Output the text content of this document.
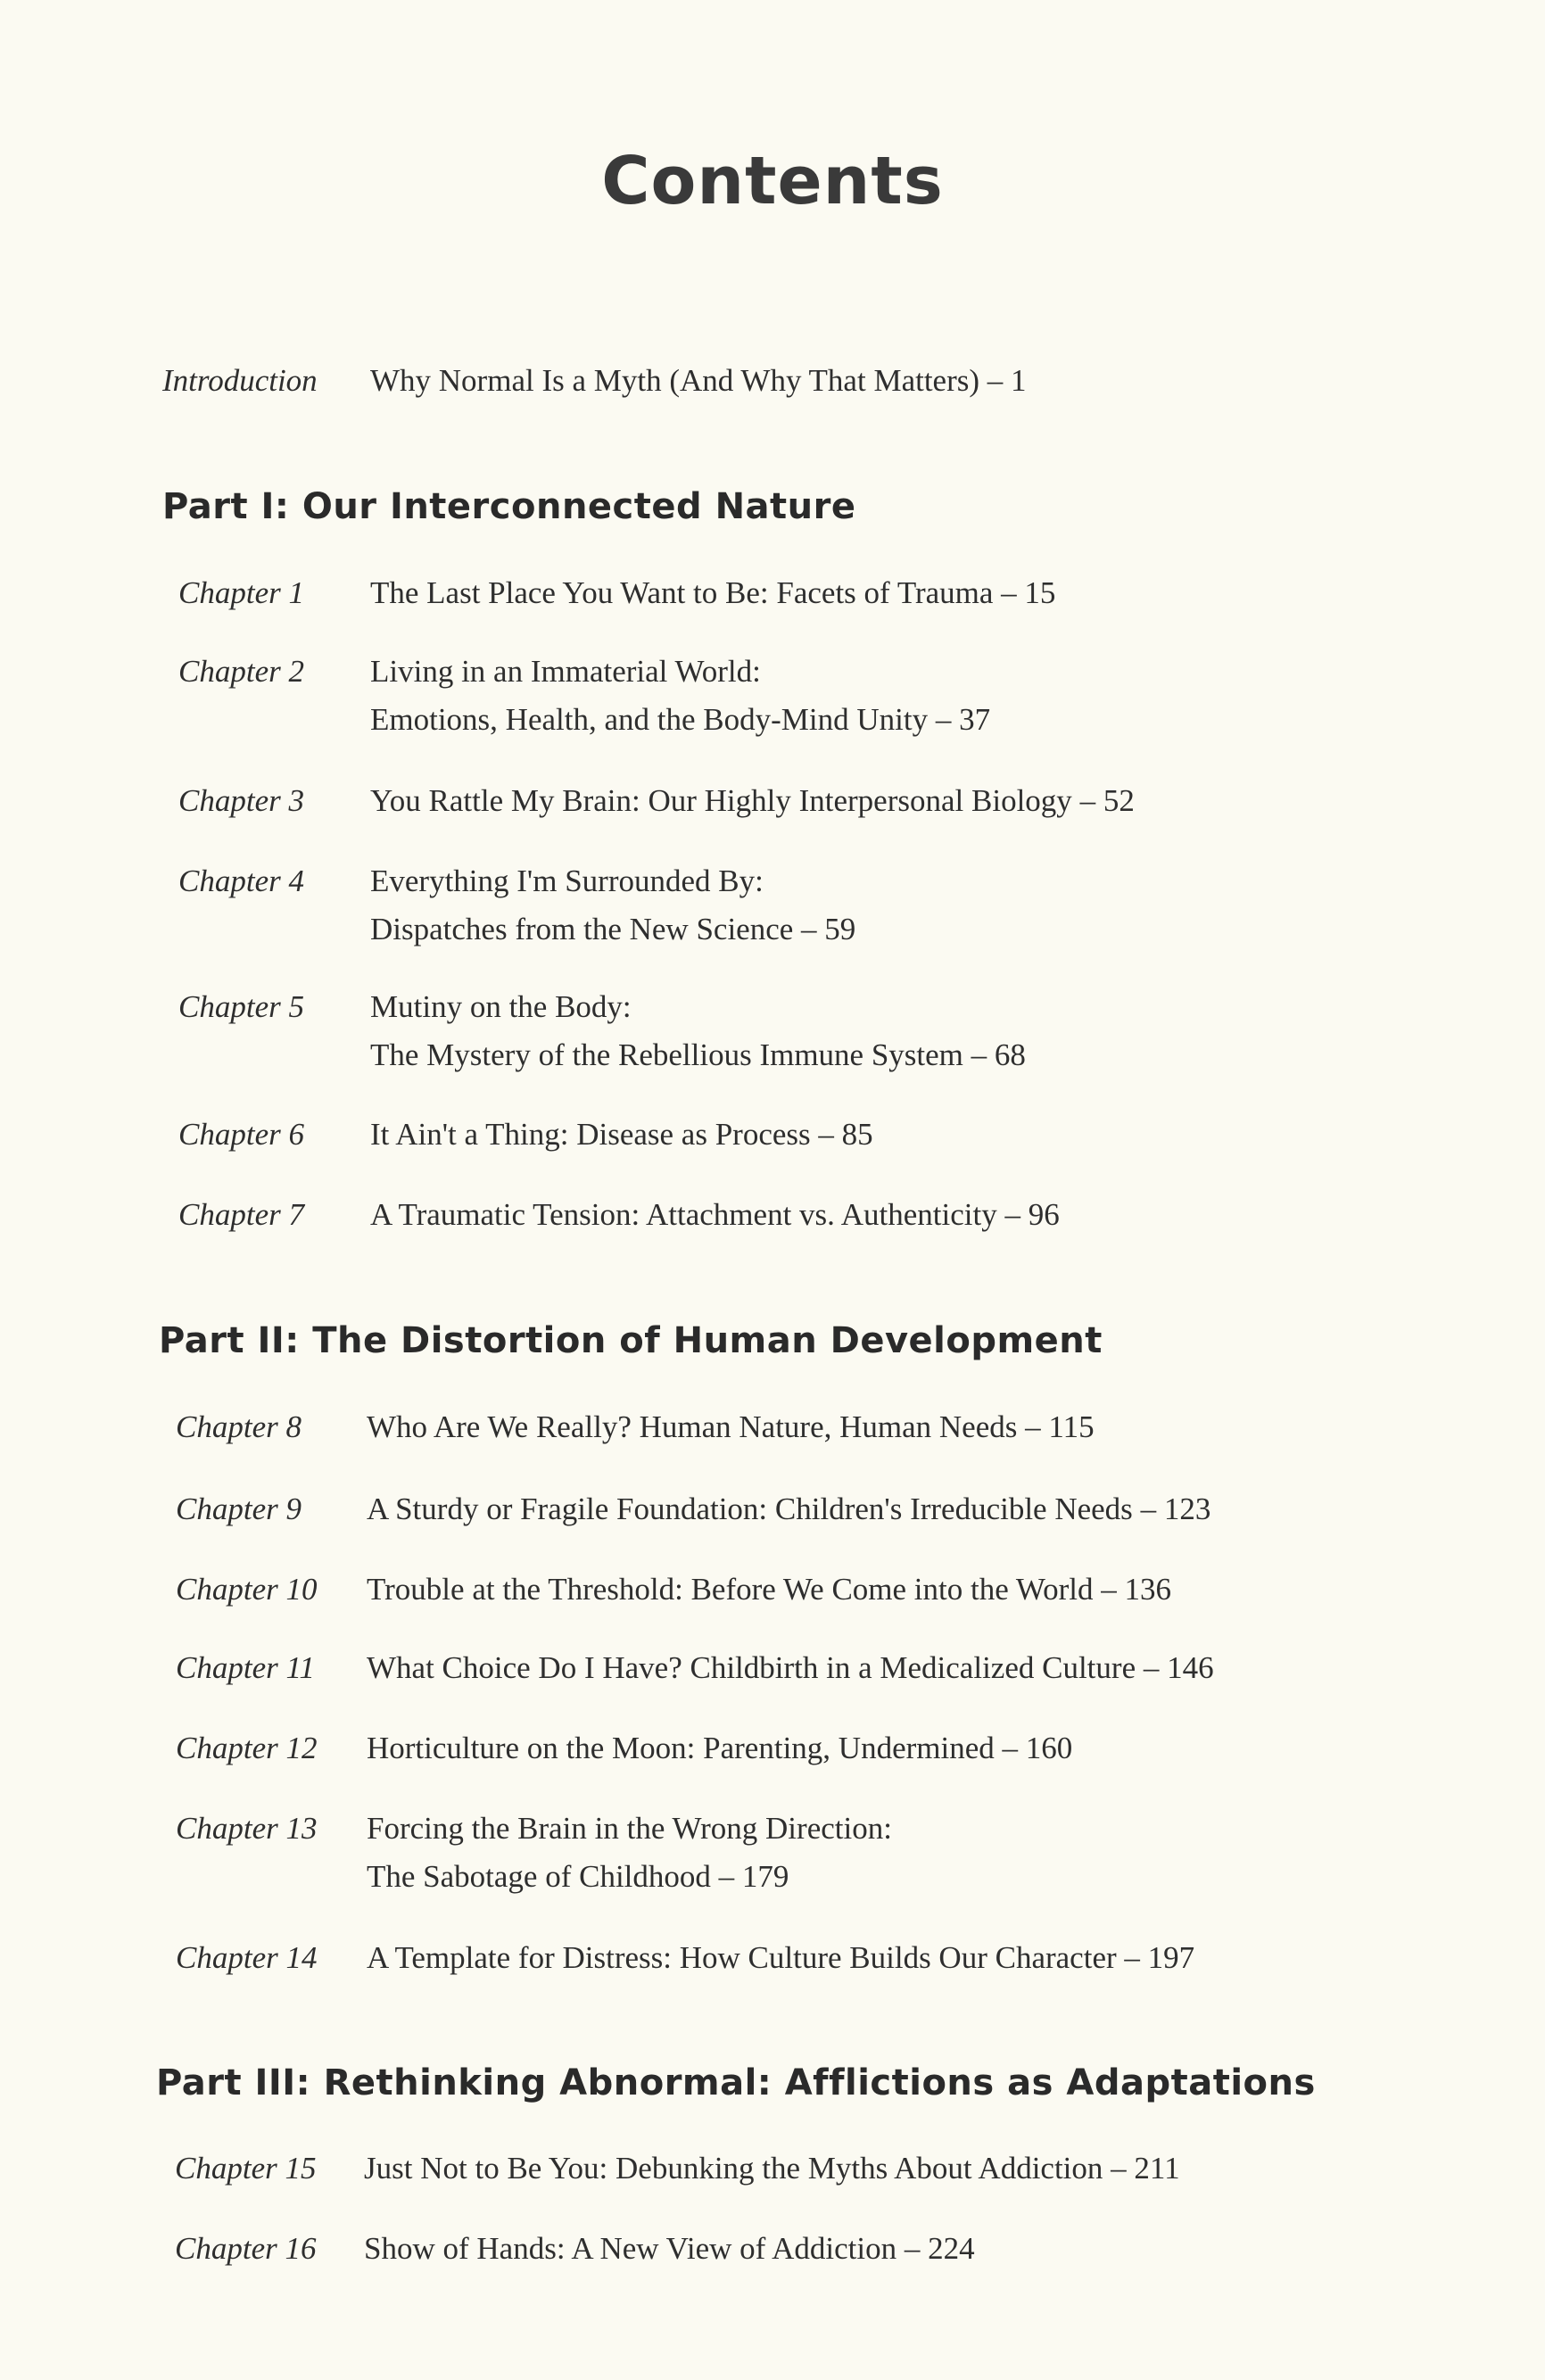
Contents
Introduction Why Normal Is a Myth (And Why That Matters) – 1
Part I: Our Interconnected Nature
Chapter 1 The Last Place You Want to Be: Facets of Trauma – 15
Chapter 2 Living in an Immaterial World:
Emotions, Health, and the Body-Mind Unity – 37
Chapter 3 You Rattle My Brain: Our Highly Interpersonal Biology – 52
Chapter 4 Everything I'm Surrounded By:
Dispatches from the New Science – 59
Chapter 5 Mutiny on the Body:
The Mystery of the Rebellious Immune System – 68
Chapter 6 It Ain't a Thing: Disease as Process – 85
Chapter 7 A Traumatic Tension: Attachment vs. Authenticity – 96
Part II: The Distortion of Human Development
Chapter 8 Who Are We Really? Human Nature, Human Needs – 115
Chapter 9 A Sturdy or Fragile Foundation: Children's Irreducible Needs – 123
Chapter 10 Trouble at the Threshold: Before We Come into the World – 136
Chapter 11 What Choice Do I Have? Childbirth in a Medicalized Culture – 146
Chapter 12 Horticulture on the Moon: Parenting, Undermined – 160
Chapter 13 Forcing the Brain in the Wrong Direction:
The Sabotage of Childhood – 179
Chapter 14 A Template for Distress: How Culture Builds Our Character – 197
Part III: Rethinking Abnormal: Afflictions as Adaptations
Chapter 15 Just Not to Be You: Debunking the Myths About Addiction – 211
Chapter 16 Show of Hands: A New View of Addiction – 224
